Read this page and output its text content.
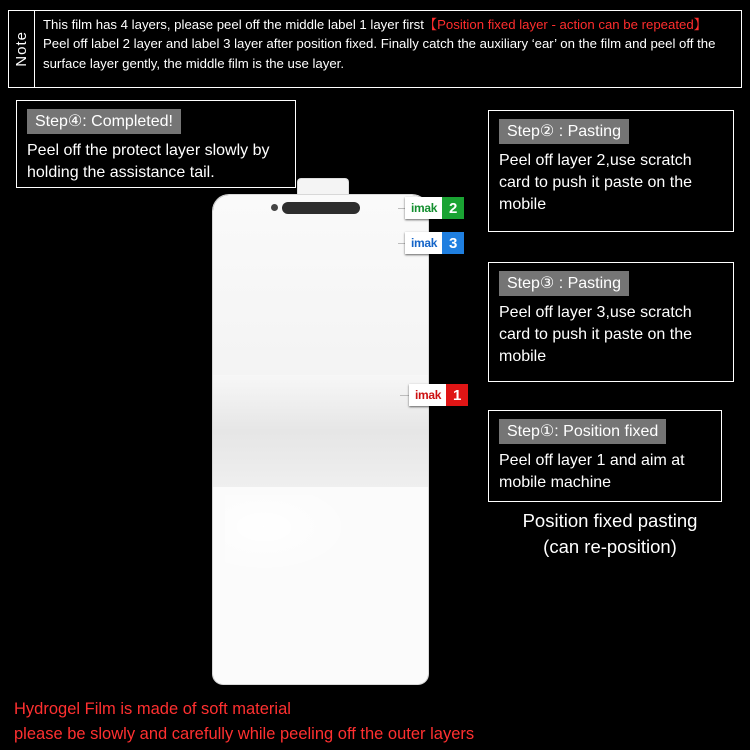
Note
This film has 4 layers, please peel off the middle label 1 layer first【Position fixed layer - action can be repeated】
Peel off label 2 layer and label 3 layer after position fixed. Finally catch the auxiliary ‘ear’ on the film and peel off the
surface layer gently, the middle film is the use layer.
imak 2
imak 3
imak 1
Step④: Completed!
Peel off the protect layer slowly by holding the assistance tail.
Step② : Pasting
Peel off layer 2,use scratch card to push it paste on the mobile
Step③ : Pasting
Peel off layer 3,use scratch card to push it paste on the mobile
Step①: Position fixed
Peel off layer 1 and aim at mobile machine
Position fixed pasting
(can re-position)
Hydrogel Film is made of soft material
please be slowly and carefully while peeling off the outer layers
